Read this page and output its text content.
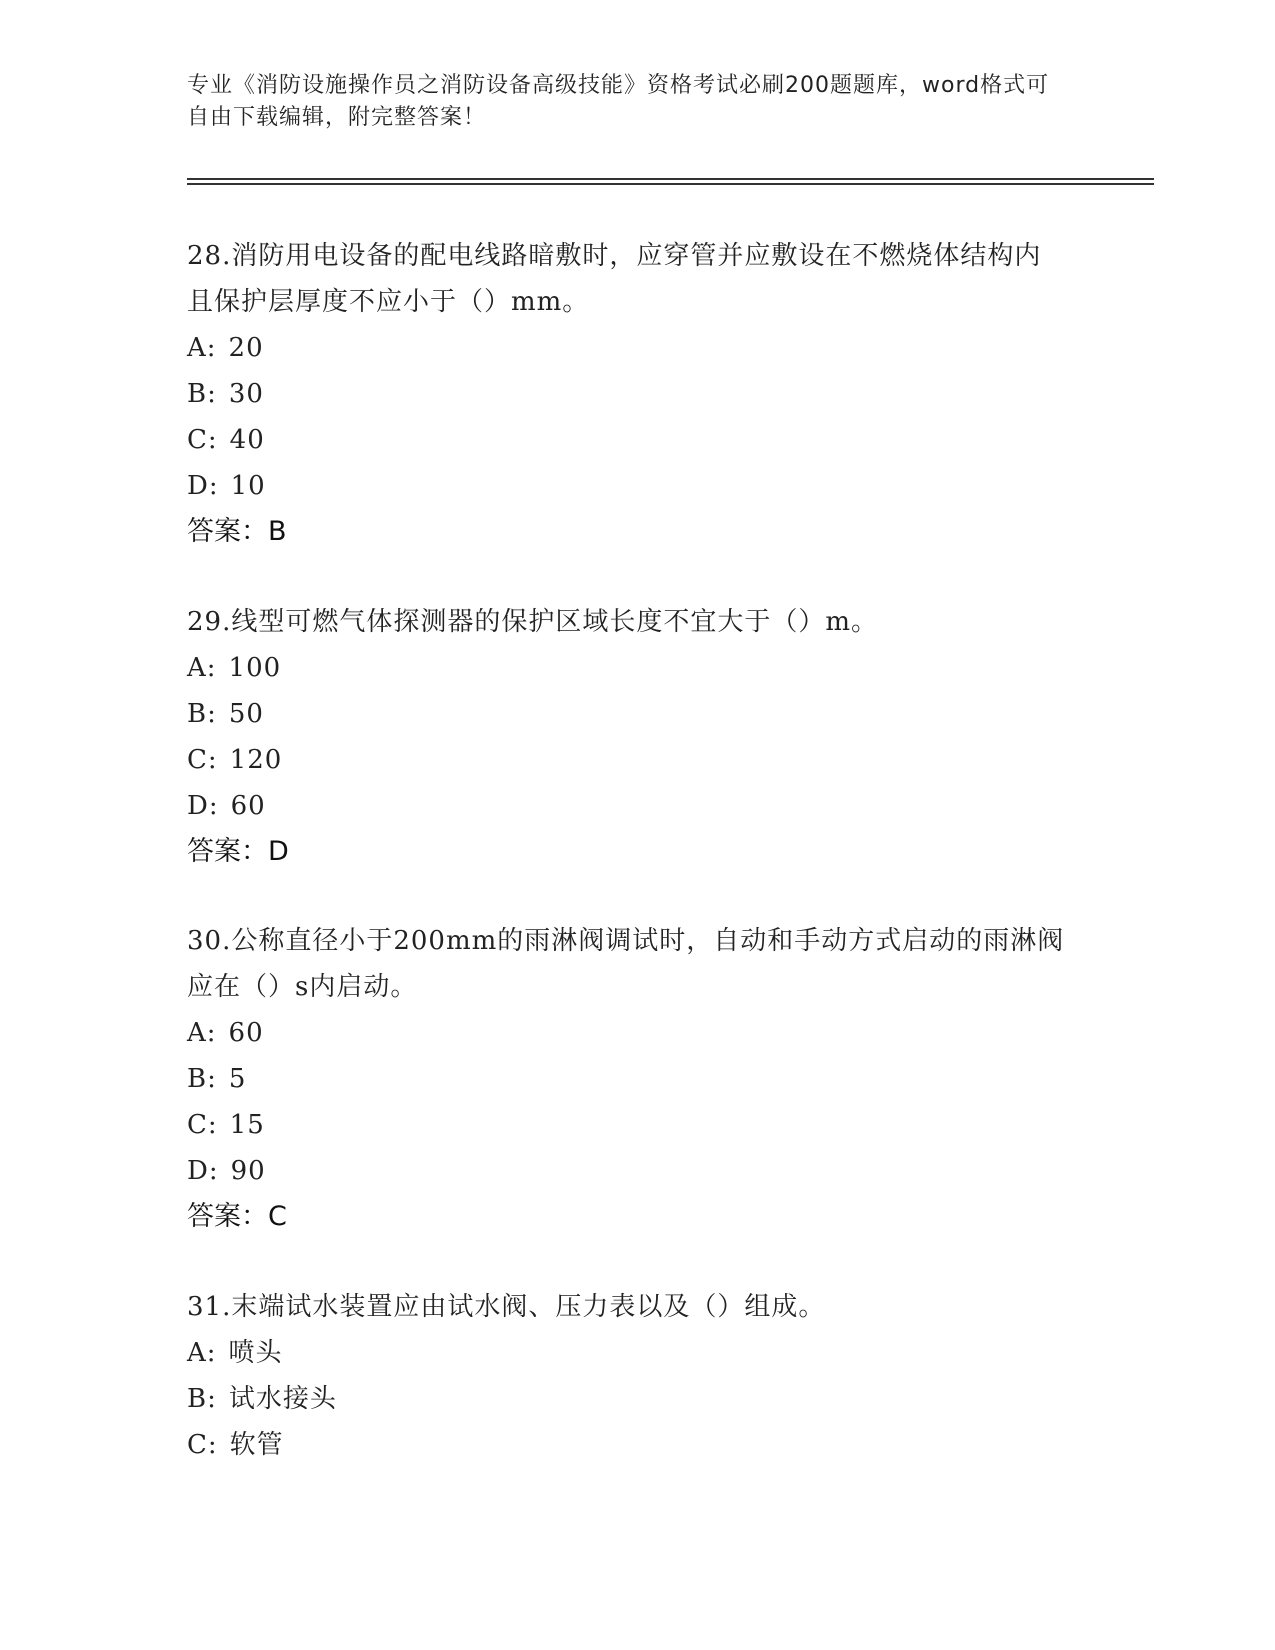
专业《消防设施操作员之消防设备高级技能》资格考试必刷200题题库，word格式可自由下载编辑，附完整答案！

28.消防用电设备的配电线路暗敷时，应穿管并应敷设在不燃烧体结构内且保护层厚度不应小于（）mm。

A: 20

B: 30

C: 40

D: 10

答案：B

29.线型可燃气体探测器的保护区域长度不宜大于（）m。

A: 100

B: 50

C: 120

D: 60

答案：D

30.公称直径小于200mm的雨淋阀调试时，自动和手动方式启动的雨淋阀应在（）s内启动。

A: 60

B: 5

C: 15

D: 90

答案：C

31.末端试水装置应由试水阀、压力表以及（）组成。

A: 喷头

B: 试水接头

C: 软管
